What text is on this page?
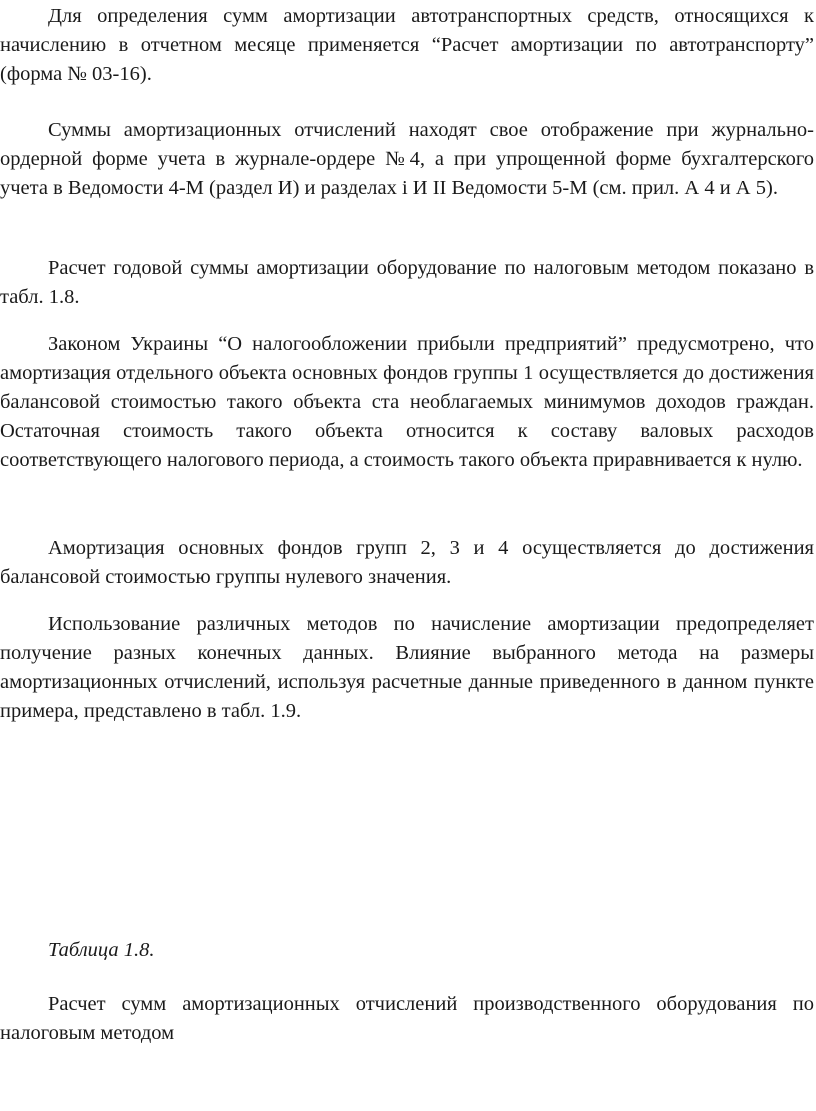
Для определения сумм амортизации автотранспортных средств, относящихся к начислению в отчетном месяце применяется “Расчет амортизации по автотранспорту” (форма № 03-16).

Суммы амортизационных отчислений находят свое отображение при журнально-ордерной форме учета в журнале-ордере №4, а при упрощенной форме бухгалтерского учета в Ведомости 4-М (раздел И) и разделах і И ІІ Ведомости 5-М (см. прил. А 4 и А 5).

Расчет годовой суммы амортизации оборудование по налоговым методом показано в табл. 1.8.

Законом Украины “О налогообложении прибыли предприятий” предусмотрено, что амортизация отдельного объекта основных фондов группы 1 осуществляется до достижения балансовой стоимостью такого объекта ста необлагаемых минимумов доходов граждан. Остаточная стоимость такого объекта относится к составу валовых расходов соответствующего налогового периода, а стоимость такого объекта приравнивается к нулю.

Амортизация основных фондов групп 2, 3 и 4 осуществляется до достижения балансовой стоимостью группы нулевого значения.

Использование различных методов по начисление амортизации предопределяет получение разных конечных данных. Влияние выбранного метода на размеры амортизационных отчислений, используя расчетные данные приведенного в данном пункте примера, представлено в табл. 1.9.

Таблица 1.8.

Расчет сумм амортизационных отчислений производственного оборудования по налоговым методом
